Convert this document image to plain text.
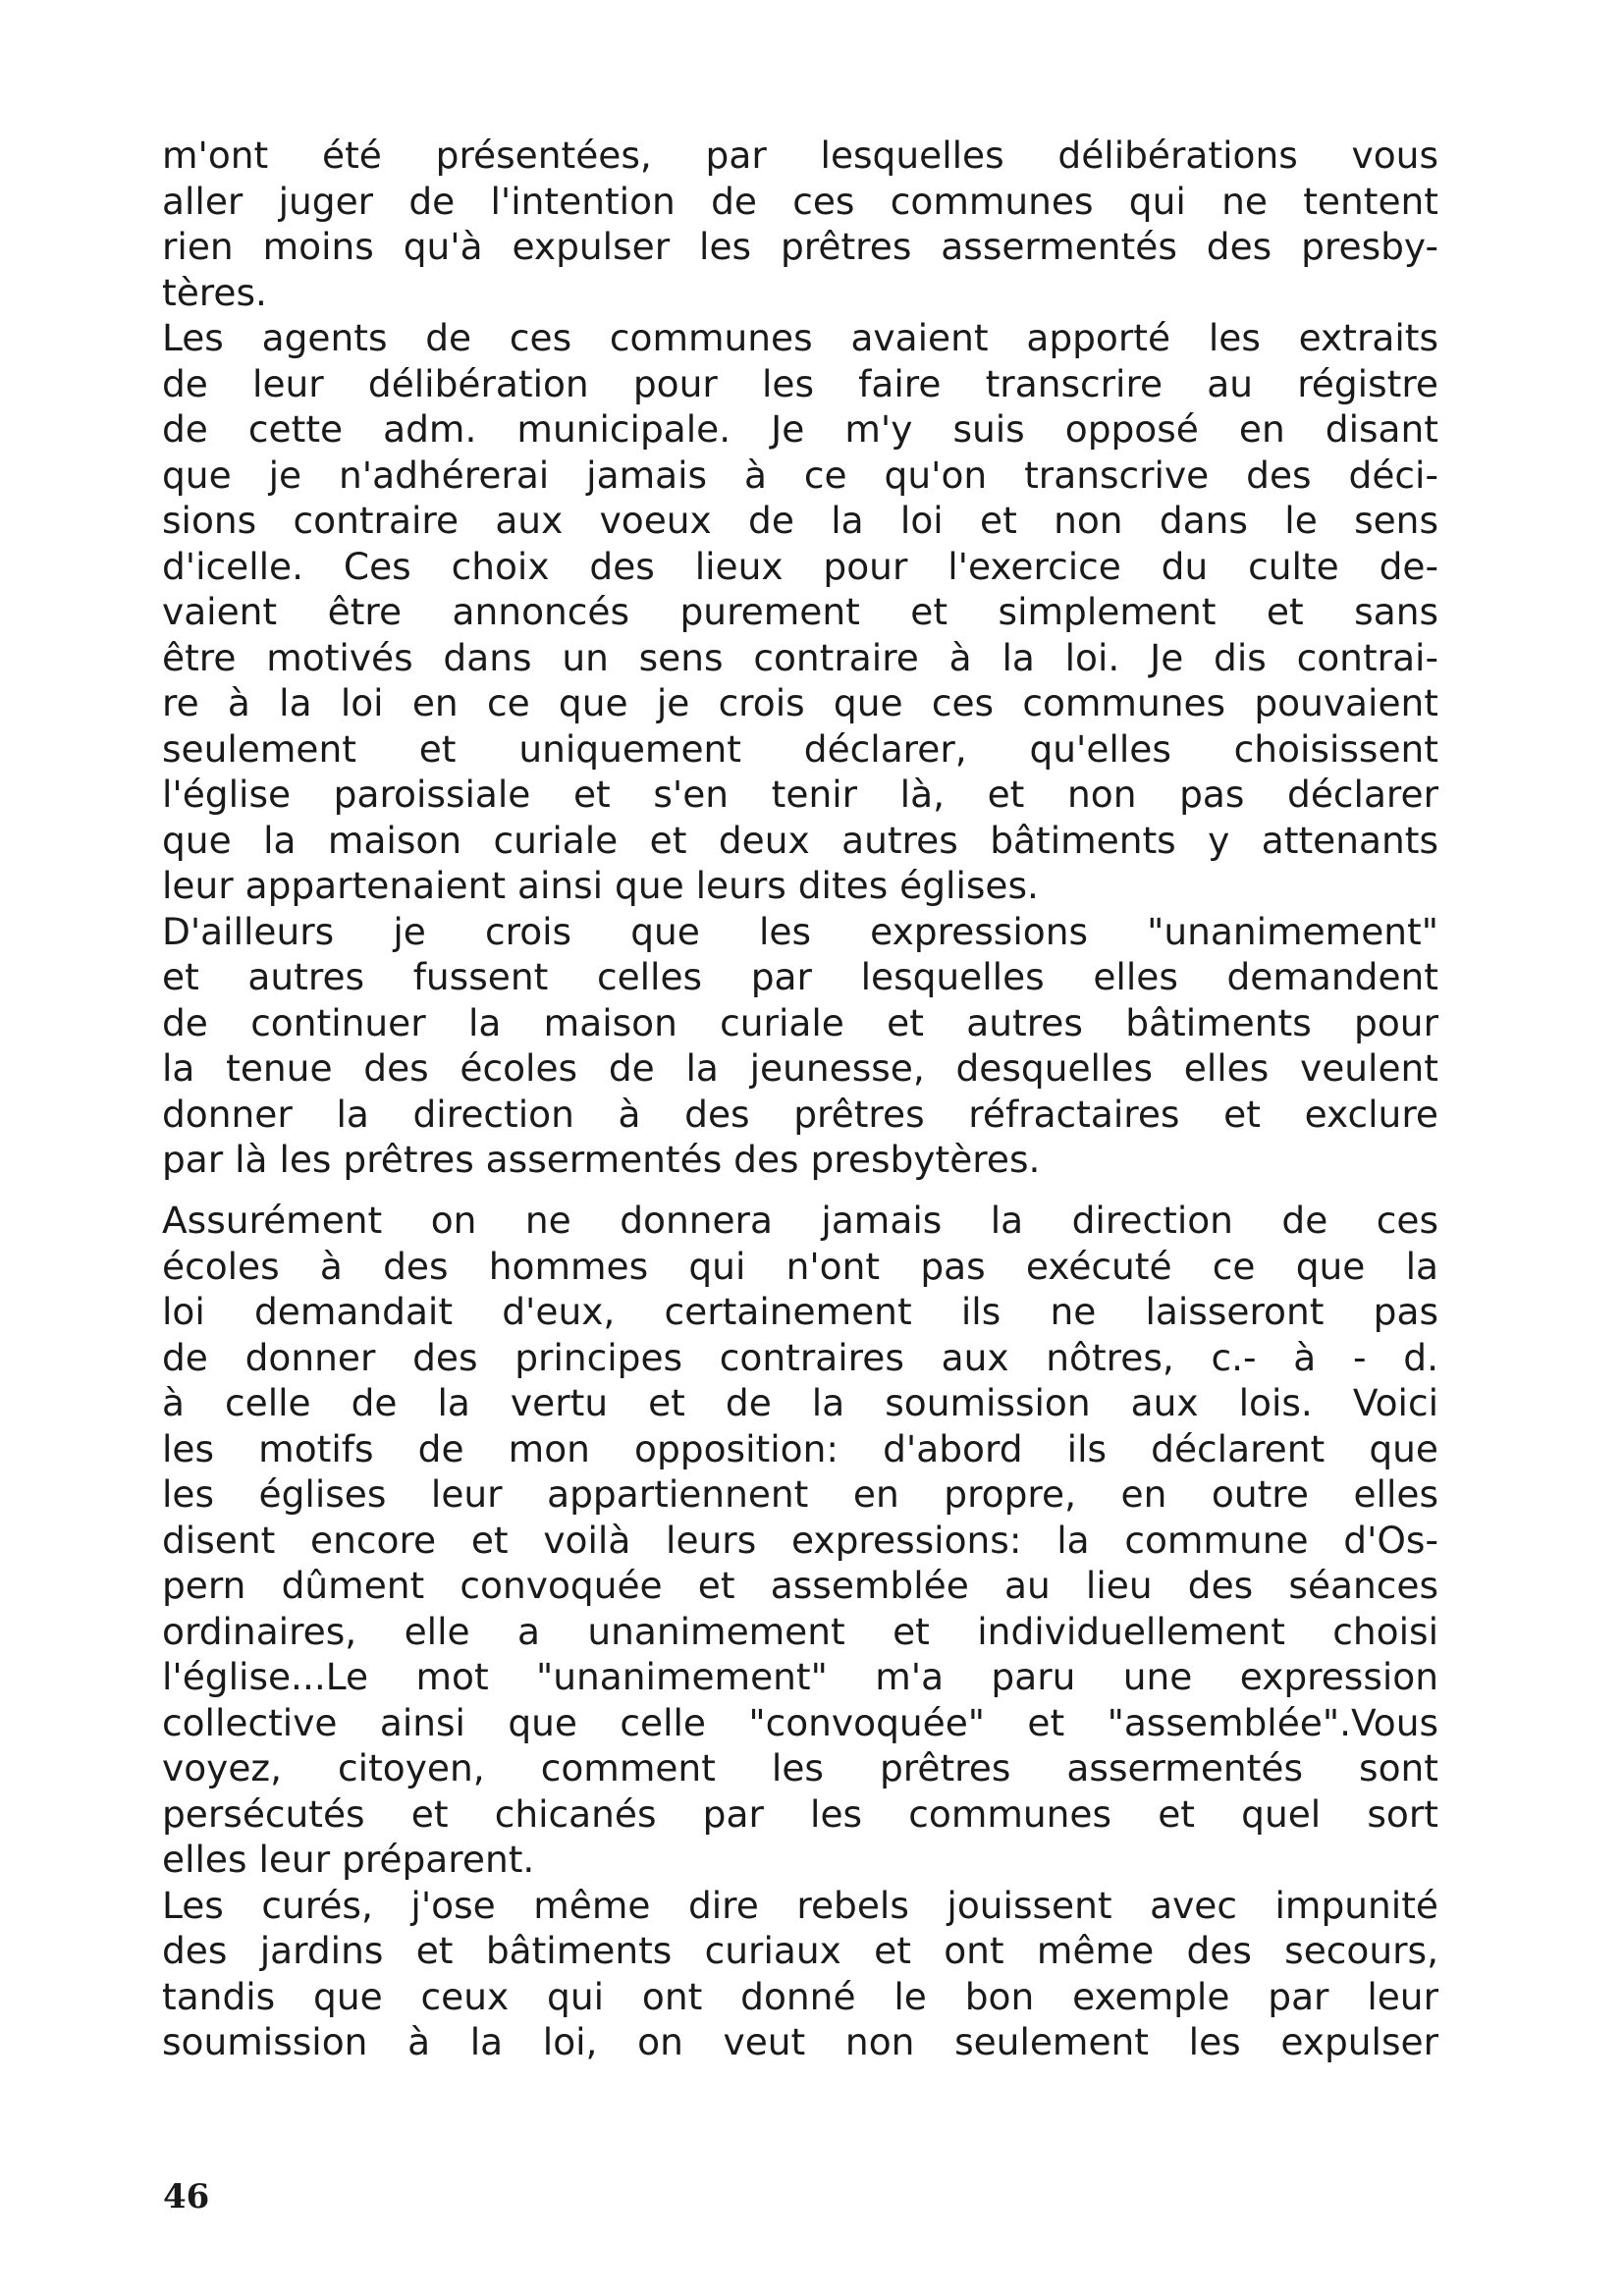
m'ont été présentées, par lesquelles délibérations vous
aller juger de l'intention de ces communes qui ne tentent
rien moins qu'à expulser les prêtres assermentés des presby-
tères.

Les agents de ces communes avaient apporté les extraits
de leur délibération pour les faire transcrire au régistre
de cette adm. municipale. Je m'y suis opposé en disant
que je n'adhérerai jamais à ce qu'on transcrive des déci-
sions contraire aux voeux de la loi et non dans le sens
d'icelle. Ces choix des lieux pour l'exercice du culte de-
vaient être annoncés purement et simplement et sans
être motivés dans un sens contraire à la loi. Je dis contrai-
re à la loi en ce que je crois que ces communes pouvaient
seulement et uniquement déclarer, qu'elles choisissent
l'église paroissiale et s'en tenir là, et non pas déclarer
que la maison curiale et deux autres bâtiments y attenants
leur appartenaient ainsi que leurs dites églises.

D'ailleurs je crois que les expressions "unanimement"
et autres fussent celles par lesquelles elles demandent
de continuer la maison curiale et autres bâtiments pour
la tenue des écoles de la jeunesse, desquelles elles veulent
donner la direction à des prêtres réfractaires et exclure
par là les prêtres assermentés des presbytères.

Assurément on ne donnera jamais la direction de ces
écoles à des hommes qui n'ont pas exécuté ce que la
loi demandait d'eux, certainement ils ne laisseront pas
de donner des principes contraires aux nôtres, c.- à - d.
à celle de la vertu et de la soumission aux lois. Voici
les motifs de mon opposition: d'abord ils déclarent que
les églises leur appartiennent en propre, en outre elles
disent encore et voilà leurs expressions: la commune d'Os-
pern dûment convoquée et assemblée au lieu des séances
ordinaires, elle a unanimement et individuellement choisi
l'église...Le mot "unanimement" m'a paru une expression
collective ainsi que celle "convoquée" et "assemblée".Vous
voyez, citoyen, comment les prêtres assermentés sont
persécutés et chicanés par les communes et quel sort
elles leur préparent.

Les curés, j'ose même dire rebels jouissent avec impunité
des jardins et bâtiments curiaux et ont même des secours,
tandis que ceux qui ont donné le bon exemple par leur
soumission à la loi, on veut non seulement les expulser

46
